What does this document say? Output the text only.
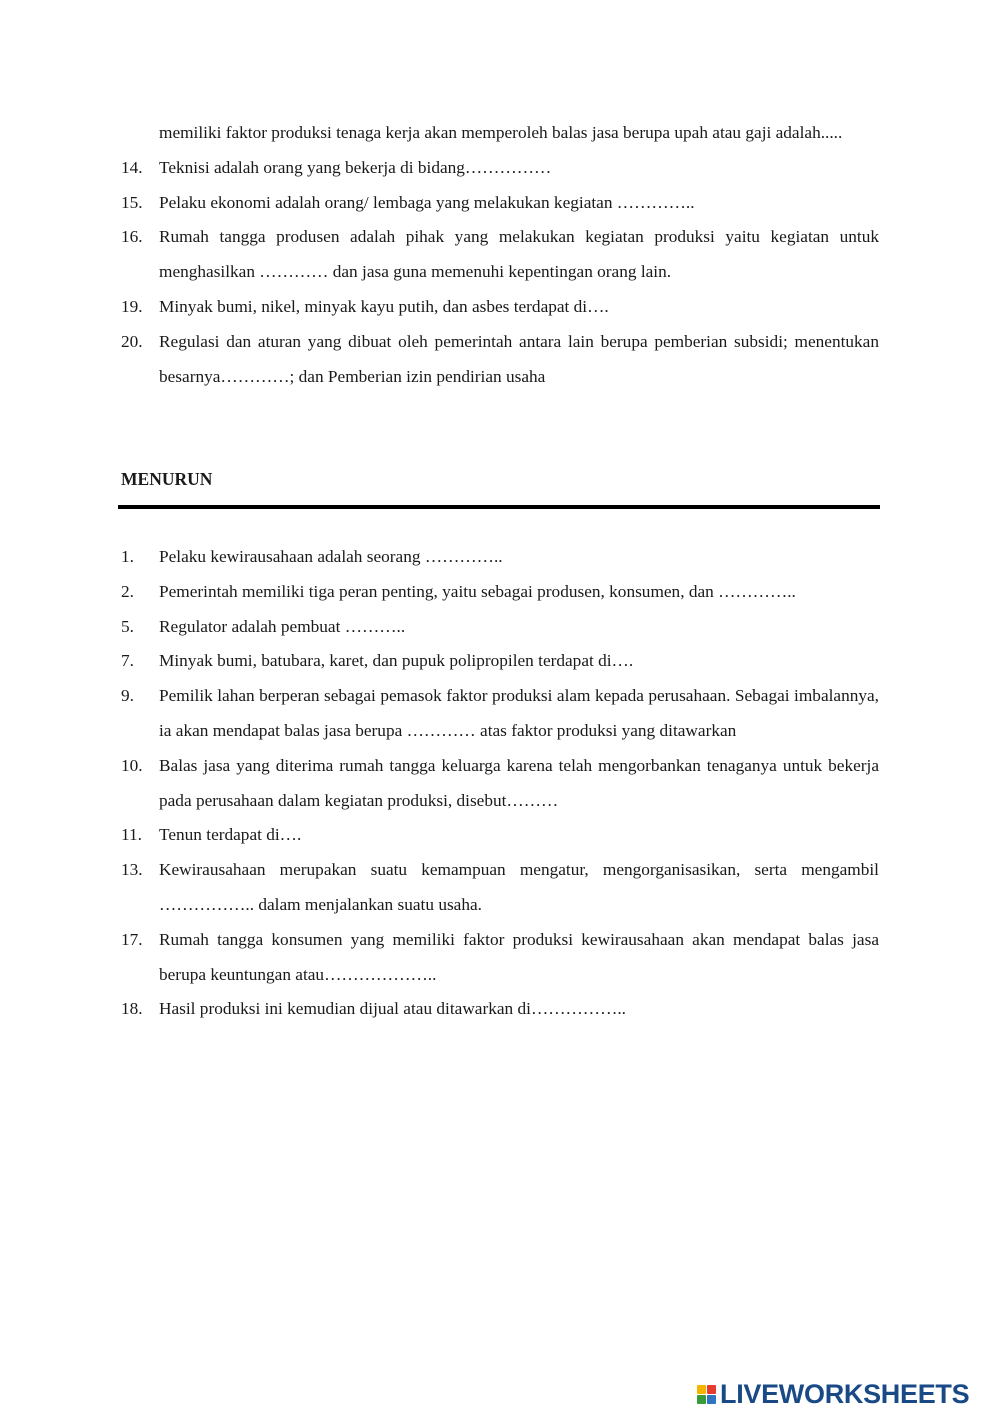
memiliki faktor produksi tenaga kerja akan memperoleh balas jasa berupa upah atau gaji adalah.....
14. Teknisi adalah orang yang bekerja di bidang……………
15. Pelaku ekonomi adalah orang/ lembaga yang melakukan kegiatan …………..
16. Rumah tangga produsen adalah pihak yang melakukan kegiatan produksi yaitu kegiatan untuk menghasilkan ………… dan jasa guna memenuhi kepentingan orang lain.
19. Minyak bumi, nikel, minyak kayu putih, dan asbes terdapat di….
20. Regulasi dan aturan yang dibuat oleh pemerintah antara lain berupa pemberian subsidi; menentukan besarnya…………; dan Pemberian izin pendirian usaha
MENURUN
1.	Pelaku kewirausahaan adalah seorang …………..
2.	Pemerintah memiliki tiga peran penting, yaitu sebagai produsen, konsumen, dan …………..
5.	Regulator adalah pembuat ………..
7.	Minyak bumi, batubara, karet, dan pupuk polipropilen terdapat di….
9.	Pemilik lahan berperan sebagai pemasok faktor produksi alam kepada perusahaan. Sebagai imbalannya, ia akan mendapat balas jasa berupa ………… atas faktor produksi yang ditawarkan
10. Balas jasa yang diterima rumah tangga keluarga karena telah mengorbankan tenaganya untuk bekerja pada perusahaan dalam kegiatan produksi, disebut………
11. Tenun terdapat di….
13. Kewirausahaan merupakan suatu kemampuan mengatur, mengorganisasikan, serta mengambil …………….. dalam menjalankan suatu usaha.
17. Rumah tangga konsumen yang memiliki faktor produksi kewirausahaan akan mendapat balas jasa berupa keuntungan atau………………..
18. Hasil produksi ini kemudian dijual atau ditawarkan di……………..
LIVEWORKSHEETS
